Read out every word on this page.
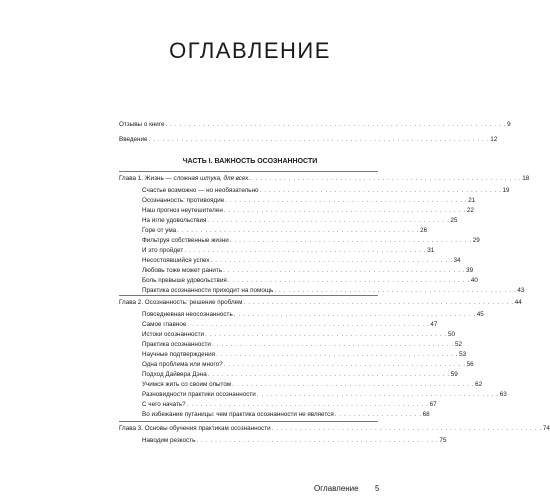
ОГЛАВЛЕНИЕ
Отзывы о книге . . . . . . . . . . . . . . . . . . . . . . . . . . . . . . . . . . . . . . . . . . . . . . . . . . . . . . . . . . . . . . . . . . . . . . . . . 9
Введение . . . . . . . . . . . . . . . . . . . . . . . . . . . . . . . . . . . . . . . . . . . . . . . . . . . . . . . . . . . . . . . . . . . . . . . . . 12
ЧАСТЬ I. ВАЖНОСТЬ ОСОЗНАННОСТИ
Глава 1. Жизнь — сложная штука, для всех. . . . . . . . . . . . . . . . . . . . . . . . . . . . . . . . . . . . . . . . . . . . . . . . . . . . . . . . . . . 18
Счастье возможно — но необязательно . . . . . . . . . . . . . . . . . . . . . . . . . . . . . . . . . . . . . . . . . . . . . . . . . . . . 19
Осознанность: противоядие . . . . . . . . . . . . . . . . . . . . . . . . . . . . . . . . . . . . . . . . . . . . . . . . . . . . 21
Наш прогноз неутешителен . . . . . . . . . . . . . . . . . . . . . . . . . . . . . . . . . . . . . . . . . . . . . . . . . . . . 22
На игле удовольствия . . . . . . . . . . . . . . . . . . . . . . . . . . . . . . . . . . . . . . . . . . . . . . . . . . . . 25
Горе от ума . . . . . . . . . . . . . . . . . . . . . . . . . . . . . . . . . . . . . . . . . . . . . . . . . . . . 26
Фильтруя собственные жизни . . . . . . . . . . . . . . . . . . . . . . . . . . . . . . . . . . . . . . . . . . . . . . . . . . . . 29
И это пройдет . . . . . . . . . . . . . . . . . . . . . . . . . . . . . . . . . . . . . . . . . . . . . . . . . . . . 31
Несостоявшийся успех . . . . . . . . . . . . . . . . . . . . . . . . . . . . . . . . . . . . . . . . . . . . . . . . . . . . 34
Любовь тоже может ранить . . . . . . . . . . . . . . . . . . . . . . . . . . . . . . . . . . . . . . . . . . . . . . . . . . . . 39
Боль превыше удовольствия . . . . . . . . . . . . . . . . . . . . . . . . . . . . . . . . . . . . . . . . . . . . . . . . . . . . 40
Практика осознанности приходит на помощь . . . . . . . . . . . . . . . . . . . . . . . . . . . . . . . . . . . . . . . . . . . . . . . . . . . . 43
Глава 2. Осознанность: решение проблем . . . . . . . . . . . . . . . . . . . . . . . . . . . . . . . . . . . . . . . . . . . . . . . . . . . . . . . . . . 44
Повседневная неосознанность . . . . . . . . . . . . . . . . . . . . . . . . . . . . . . . . . . . . . . . . . . . . . . . . . . . . 45
Самое главное . . . . . . . . . . . . . . . . . . . . . . . . . . . . . . . . . . . . . . . . . . . . . . . . . . . . 47
Истоки осознанности . . . . . . . . . . . . . . . . . . . . . . . . . . . . . . . . . . . . . . . . . . . . . . . . . . . . 50
Практика осознанности . . . . . . . . . . . . . . . . . . . . . . . . . . . . . . . . . . . . . . . . . . . . . . . . . . . . 52
Научные подтверждения . . . . . . . . . . . . . . . . . . . . . . . . . . . . . . . . . . . . . . . . . . . . . . . . . . . . 53
Одна проблема или много? . . . . . . . . . . . . . . . . . . . . . . . . . . . . . . . . . . . . . . . . . . . . . . . . . . . . 56
Подход Дайвера Дэна . . . . . . . . . . . . . . . . . . . . . . . . . . . . . . . . . . . . . . . . . . . . . . . . . . . . 59
Учимся жить со своим опытом . . . . . . . . . . . . . . . . . . . . . . . . . . . . . . . . . . . . . . . . . . . . . . . . . . . . 62
Разновидности практики осознанности . . . . . . . . . . . . . . . . . . . . . . . . . . . . . . . . . . . . . . . . . . . . . . . . . . . . 63
С чего начать? . . . . . . . . . . . . . . . . . . . . . . . . . . . . . . . . . . . . . . . . . . . . . . . . . . . . 67
Во избежание путаницы: чем практика осознанности не является . . . . . . . . . . . . . . . . . . . 68
Глава 3. Основы обучения практикам осознанности . . . . . . . . . . . . . . . . . . . . . . . . . . . . . . . . . . . . . . . . . . . . . . . . . . . . . . . . . . 74
Наводим резкость . . . . . . . . . . . . . . . . . . . . . . . . . . . . . . . . . . . . . . . . . . . . . . . . . . . . 75
Оглавление 5
